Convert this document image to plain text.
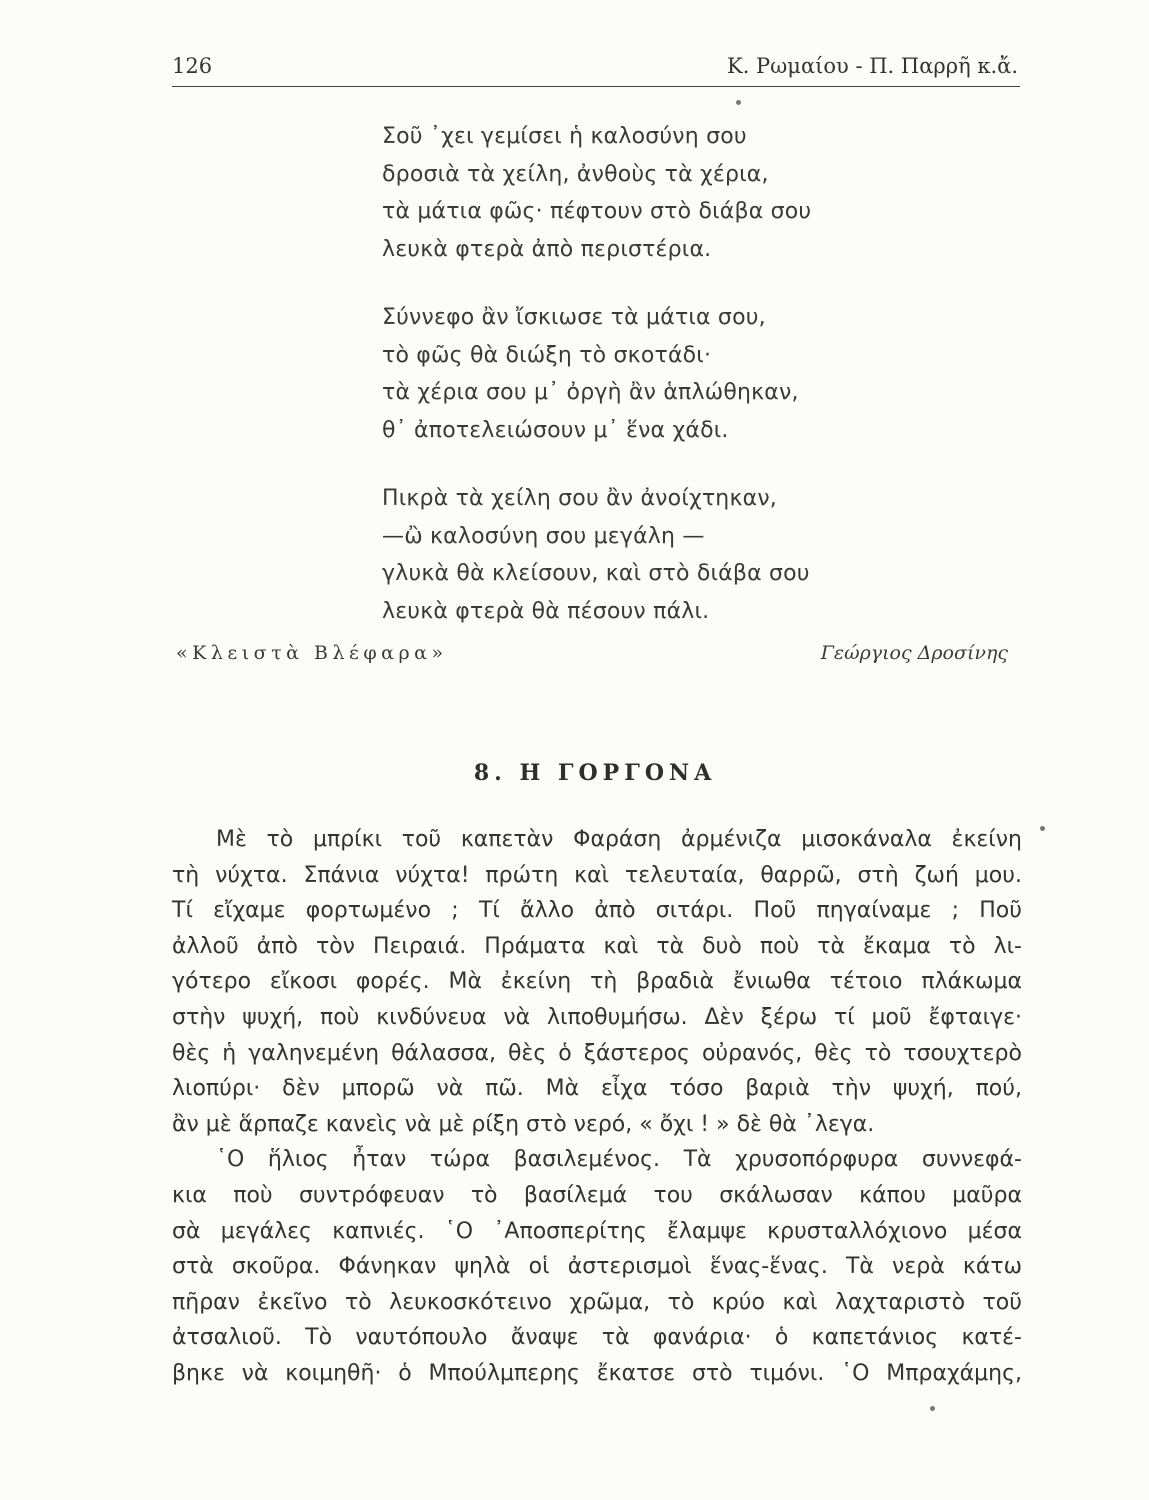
126	Κ. Ρωμαίου - Π. Παρρῆ κ.ἄ.
Σοῦ ᾿χει γεμίσει ἡ καλοσύνη σου
δροσιὰ τὰ χείλη, ἀνθοὺς τὰ χέρια,
τὰ μάτια φῶς· πέφτουν στὸ διάβα σου
λευκὰ φτερὰ ἀπὸ περιστέρια.
Σύννεφο ἂν ἴσκιωσε τὰ μάτια σου,
τὸ φῶς θὰ διώξη τὸ σκοτάδι·
τὰ χέρια σου μ᾿ ὀργὴ ἂν ἁπλώθηκαν,
θ᾿ ἀποτελειώσουν μ᾿ ἕνα χάδι.
Πικρὰ τὰ χείλη σου ἂν ἀνοίχτηκαν,
—ὢ καλοσύνη σου μεγάλη —
γλυκὰ θὰ κλείσουν, καὶ στὸ διάβα σου
λευκὰ φτερὰ θὰ πέσουν πάλι.
«Κλειστὰ Βλέφαρα»	Γεώργιος Δροσίνης
8. Η ΓΟΡΓΟΝΑ
Μὲ τὸ μπρίκι τοῦ καπετὰν Φαράση ἀρμένιζα μισοκάναλα ἐκείνη
τὴ νύχτα. Σπάνια νύχτα! πρώτη καὶ τελευταία, θαρρῶ, στὴ ζωή μου.
Τί εἴχαμε φορτωμένο ; Τί ἄλλο ἀπὸ σιτάρι. Ποῦ πηγαίναμε ; Ποῦ
ἀλλοῦ ἀπὸ τὸν Πειραιά. Πράματα καὶ τὰ δυὸ ποὺ τὰ ἔκαμα τὸ λι-
γότερο εἴκοσι φορές. Μὰ ἐκείνη τὴ βραδιὰ ἔνιωθα τέτοιο πλάκωμα
στὴν ψυχή, ποὺ κινδύνευα νὰ λιποθυμήσω. Δὲν ξέρω τί μοῦ ἔφταιγε·
θὲς ἡ γαληνεμένη θάλασσα, θὲς ὁ ξάστερος οὐρανός, θὲς τὸ τσουχτερὸ
λιοπύρι· δὲν μπορῶ νὰ πῶ. Μὰ εἶχα τόσο βαριὰ τὴν ψυχή, πού,
ἂν μὲ ἅρπαζε κανεὶς νὰ μὲ ρίξη στὸ νερό, « ὄχι ! » δὲ θὰ ᾿λεγα.
῾Ο ἥλιος ἦταν τώρα βασιλεμένος. Τὰ χρυσοπόρφυρα συννεφά-
κια ποὺ συντρόφευαν τὸ βασίλεμά του σκάλωσαν κάπου μαῦρα
σὰ μεγάλες καπνιές. ῾Ο ᾿Αποσπερίτης ἔλαμψε κρυσταλλόχιονο μέσα
στὰ σκοῦρα. Φάνηκαν ψηλὰ οἱ ἀστερισμοὶ ἕνας-ἕνας. Τὰ νερὰ κάτω
πῆραν ἐκεῖνο τὸ λευκοσκότεινο χρῶμα, τὸ κρύο καὶ λαχταριστὸ τοῦ
ἀτσαλιοῦ. Τὸ ναυτόπουλο ἄναψε τὰ φανάρια· ὁ καπετάνιος κατέ-
βηκε νὰ κοιμηθῆ· ὁ Μπούλμπερης ἔκατσε στὸ τιμόνι. ῾Ο Μπραχάμης,
